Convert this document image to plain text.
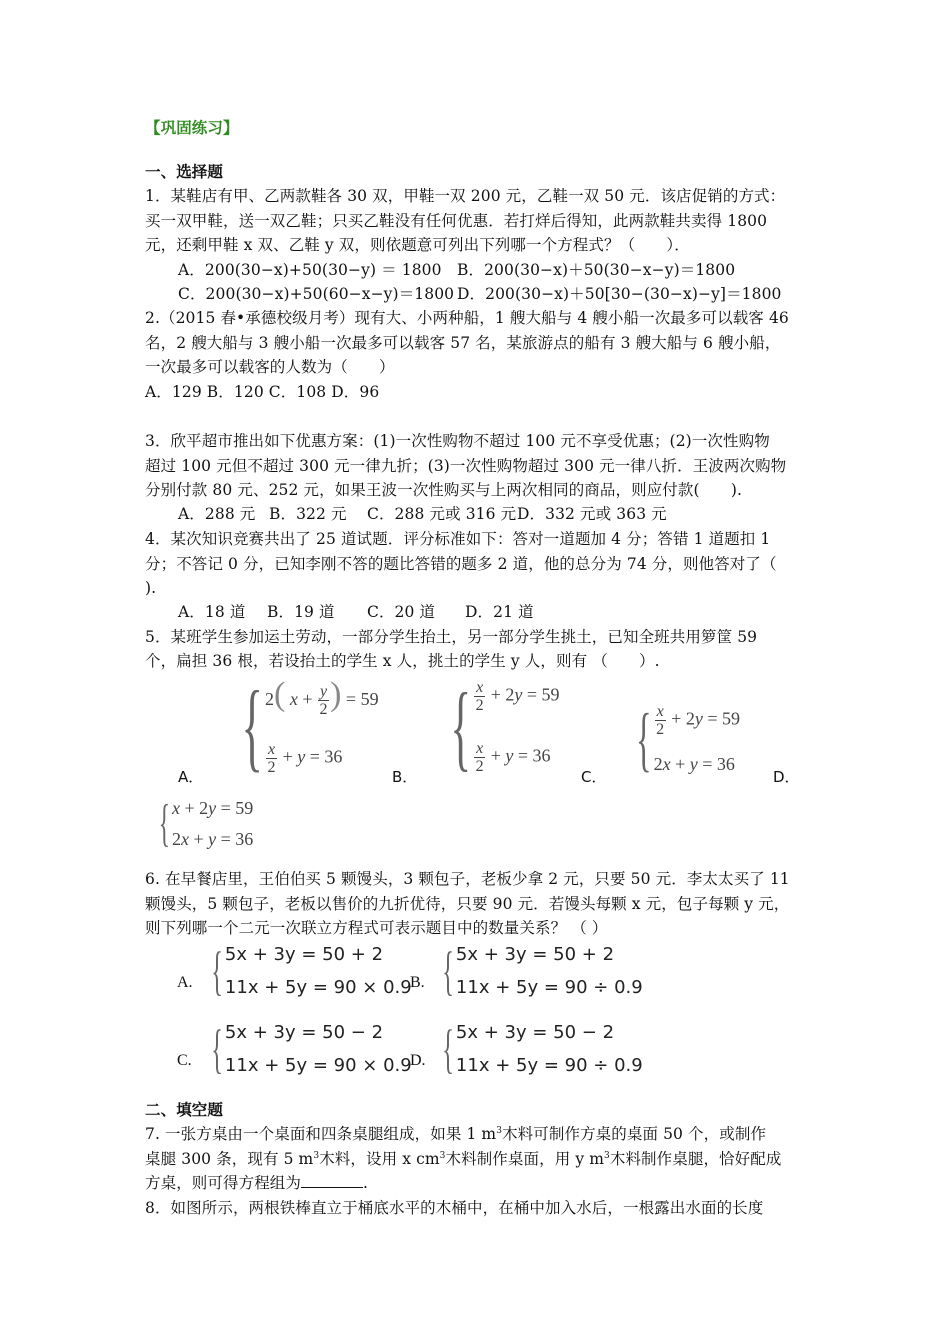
【巩固练习】
一、选择题
1．某鞋店有甲、乙两款鞋各 30 双，甲鞋一双 200 元，乙鞋一双 50 元．该店促销的方式：
买一双甲鞋，送一双乙鞋；只买乙鞋没有任何优惠．若打烊后得知，此两款鞋共卖得 1800
元，还剩甲鞋 x 双、乙鞋 y 双，则依题意可列出下列哪一个方程式？（　　）．
A．200(30−x)+50(30−y) ＝ 1800 B．200(30−x)＋50(30−x−y)＝1800
C．200(30−x)+50(60−x−y)＝1800 D．200(30−x)＋50[30−(30−x)−y]＝1800
2.（2015 春•承德校级月考）现有大、小两种船，1 艘大船与 4 艘小船一次最多可以载客 46
名，2 艘大船与 3 艘小船一次最多可以载客 57 名，某旅游点的船有 3 艘大船与 6 艘小船，
一次最多可以载客的人数为（　　）
A．129 B．120 C．108 D．96
3．欣平超市推出如下优惠方案：(1)一次性购物不超过 100 元不享受优惠；(2)一次性购物
超过 100 元但不超过 300 元一律九折；(3)一次性购物超过 300 元一律八折．王波两次购物
分别付款 80 元、252 元，如果王波一次性购买与上两次相同的商品，则应付款(　　).
A．288 元 B．322 元 C．288 元或 316 元 D．332 元或 363 元
4．某次知识竞赛共出了 25 道试题．评分标准如下：答对一道题加 4 分；答错 1 道题扣 1
分；不答记 0 分，已知李刚不答的题比答错的题多 2 道，他的总分为 74 分，则他答对了（
).
A．18 道 B．19 道 C．20 道 D．21 道
5．某班学生参加运土劳动，一部分学生抬土，另一部分学生挑土，已知全班共用箩筐 59
个，扁担 36 根，若设抬土的学生 x 人，挑土的学生 y 人，则有 （　　）.
A． { 2( $x + \frac{y}{2}$ ) = 59
$\frac{x}{2} + y = 36$
B． { $\frac{x}{2} + 2y = 59$
$\frac{x}{2} + y = 36$
C． { $\frac{x}{2} + 2y = 59$
2x + y = 36
D．
{ x + 2y = 59
2x + y = 36
6. 在早餐店里，王伯伯买 5 颗馒头，3 颗包子，老板少拿 2 元，只要 50 元．李太太买了 11
颗馒头，5 颗包子，老板以售价的九折优待，只要 90 元．若馒头每颗 x 元，包子每颗 y 元，
则下列哪一个二元一次联立方程式可表示题目中的数量关系？ （ ）
A. { 5x + 3y = 50 + 2
11x + 5y = 90 × 0.9
B. { 5x + 3y = 50 + 2
11x + 5y = 90 ÷ 0.9
C. { 5x + 3y = 50 − 2
11x + 5y = 90 × 0.9
D. { 5x + 3y = 50 − 2
11x + 5y = 90 ÷ 0.9
二、填空题
7. 一张方桌由一个桌面和四条桌腿组成，如果 1 $m^3$木料可制作方桌的桌面 50 个，或制作
桌腿 300 条，现有 5 $m^3$木料，设用 x $cm^3$木料制作桌面，用 y $m^3$木料制作桌腿，恰好配成
方桌，则可得方程组为	.
8．如图所示，两根铁棒直立于桶底水平的木桶中，在桶中加入水后，一根露出水面的长度
